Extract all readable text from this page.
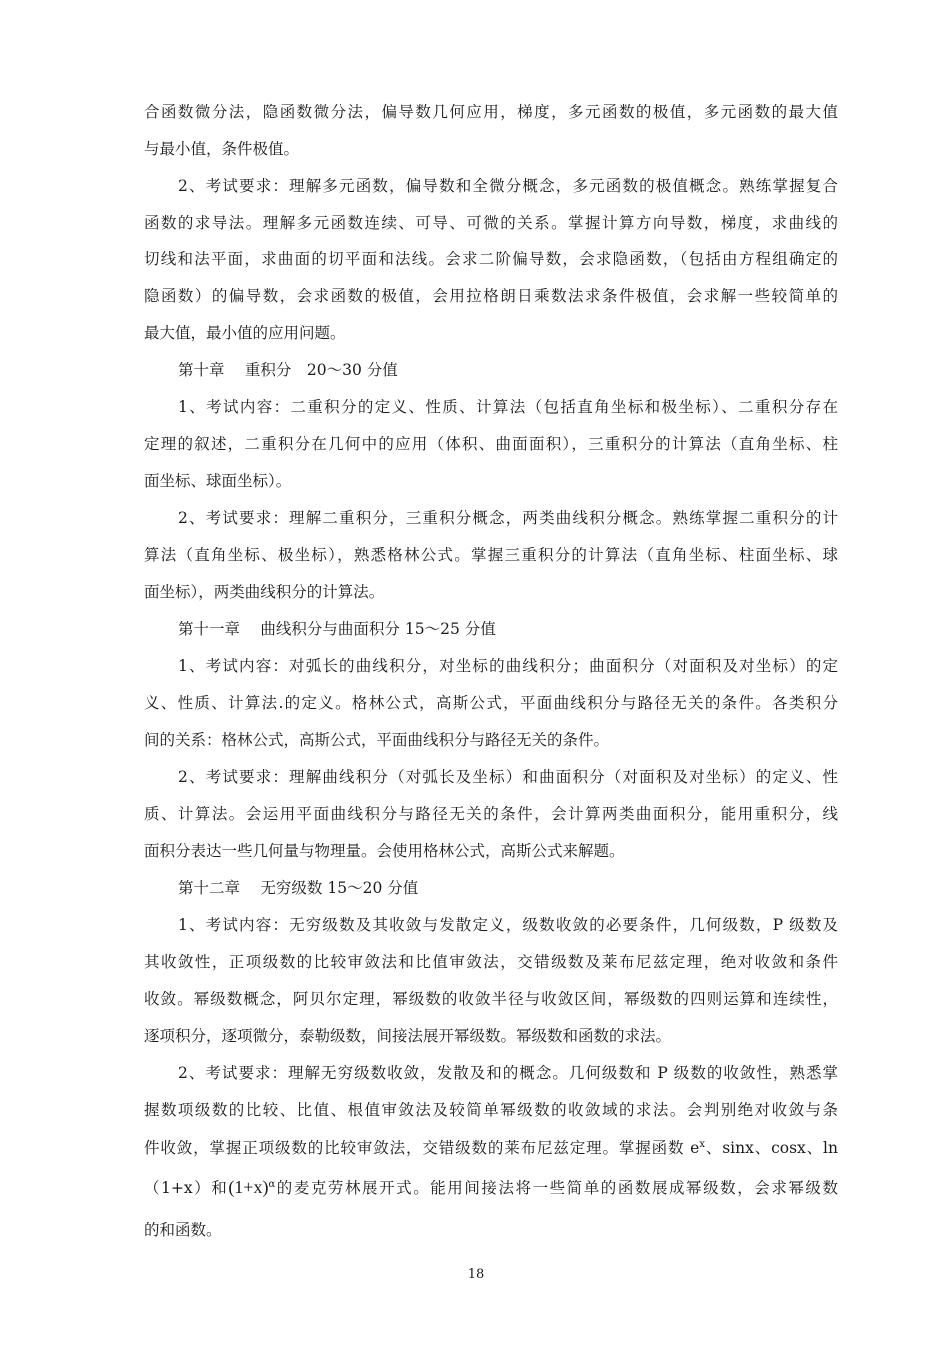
合函数微分法，隐函数微分法，偏导数几何应用，梯度，多元函数的极值，多元函数的最大值
与最小值，条件极值。
2、考试要求：理解多元函数，偏导数和全微分概念，多元函数的极值概念。熟练掌握复合
函数的求导法。理解多元函数连续、可导、可微的关系。掌握计算方向导数，梯度，求曲线的
切线和法平面，求曲面的切平面和法线。会求二阶偏导数，会求隐函数，（包括由方程组确定的
隐函数）的偏导数，会求函数的极值，会用拉格朗日乘数法求条件极值，会求解一些较简单的
最大值，最小值的应用问题。
第十章　 重积分　20～30 分值
1、考试内容：二重积分的定义、性质、计算法（包括直角坐标和极坐标）、二重积分存在
定理的叙述，二重积分在几何中的应用（体积、曲面面积），三重积分的计算法（直角坐标、柱
面坐标、球面坐标）。
2、考试要求：理解二重积分，三重积分概念，两类曲线积分概念。熟练掌握二重积分的计
算法（直角坐标、极坐标），熟悉格林公式。掌握三重积分的计算法（直角坐标、柱面坐标、球
面坐标），两类曲线积分的计算法。
第十一章　 曲线积分与曲面积分 15～25 分值
1、考试内容：对弧长的曲线积分，对坐标的曲线积分；曲面积分（对面积及对坐标）的定
义、性质、计算法.的定义。格林公式，高斯公式，平面曲线积分与路径无关的条件。各类积分
间的关系：格林公式，高斯公式，平面曲线积分与路径无关的条件。
2、考试要求：理解曲线积分（对弧长及坐标）和曲面积分（对面积及对坐标）的定义、性
质、计算法。会运用平面曲线积分与路径无关的条件，会计算两类曲面积分，能用重积分，线
面积分表达一些几何量与物理量。会使用格林公式，高斯公式来解题。
第十二章　 无穷级数 15～20 分值
1、考试内容：无穷级数及其收敛与发散定义，级数收敛的必要条件，几何级数，P 级数及
其收敛性，正项级数的比较审敛法和比值审敛法，交错级数及莱布尼兹定理，绝对收敛和条件
收敛。幂级数概念，阿贝尔定理，幂级数的收敛半径与收敛区间，幂级数的四则运算和连续性，
逐项积分，逐项微分，泰勒级数，间接法展开幂级数。幂级数和函数的求法。
2、考试要求：理解无穷级数收敛，发散及和的概念。几何级数和 P 级数的收敛性，熟悉掌
握数项级数的比较、比值、根值审敛法及较简单幂级数的收敛域的求法。会判别绝对收敛与条
件收敛，掌握正项级数的比较审敛法，交错级数的莱布尼兹定理。掌握函数 $e^x$、sinx、cosx、ln
（1+x）和$(1+x)^\alpha$的麦克劳林展开式。能用间接法将一些简单的函数展成幂级数，会求幂级数
的和函数。
18
